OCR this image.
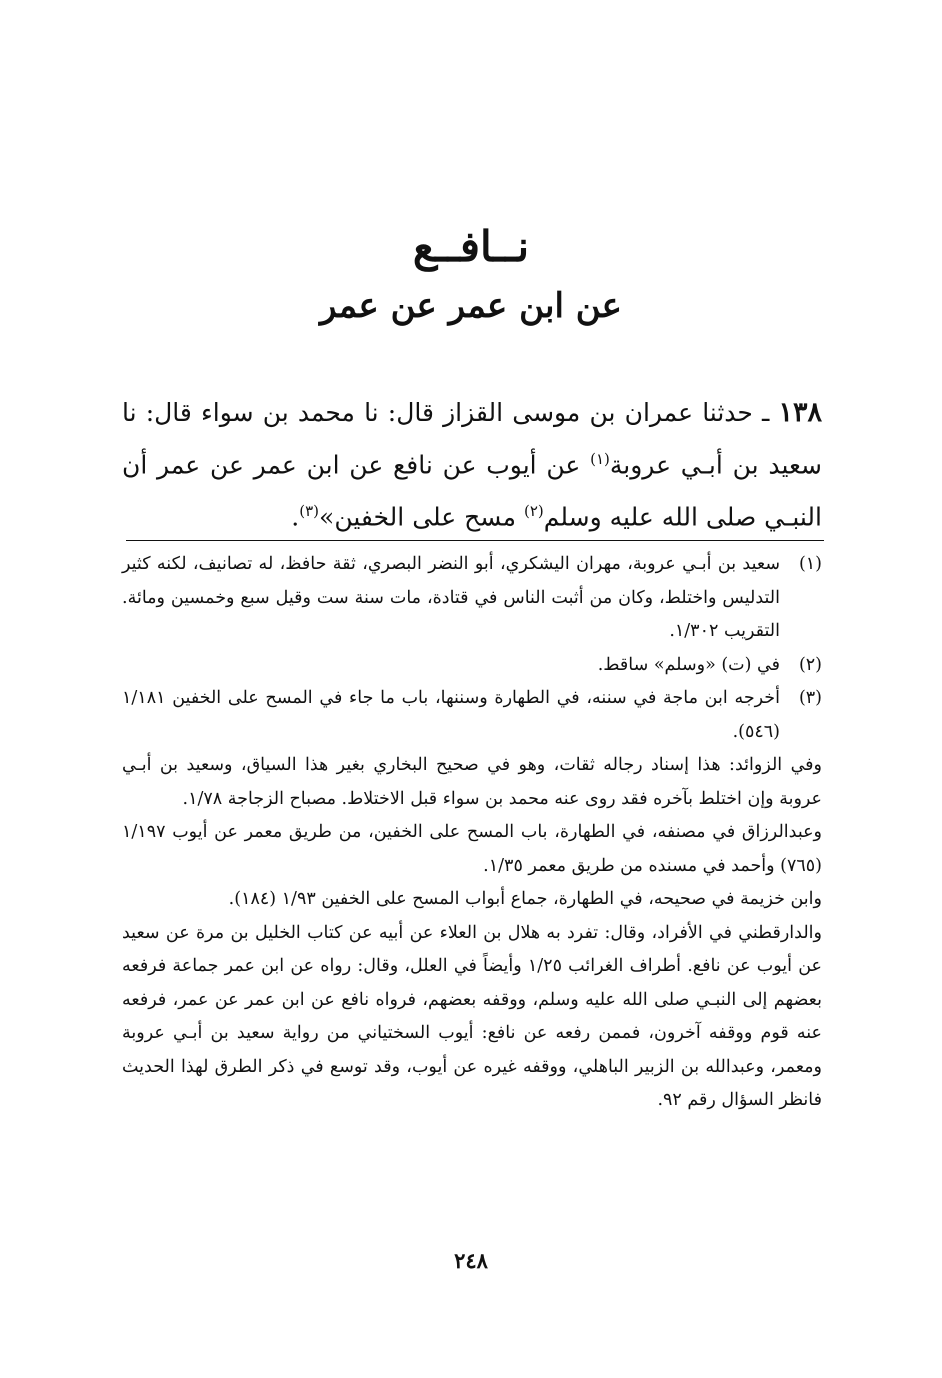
نــافــع
عن ابن عمر عن عمر
١٣٨ ـ حدثنا عمران بن موسى القزاز قال: نا محمد بن سواء قال: نا سعيد بن أبـي عروبة$^{(١)}$ عن أيوب عن نافع عن ابن عمر عن عمر أن النبـي صلى الله عليه وسلم$^{(٢)}$ مسح على الخفين»$^{(٣)}$.
(١)
سعيد بن أبـي عروبة، مهران اليشكري، أبو النضر البصري، ثقة حافظ، له تصانيف، لكنه كثير التدليس واختلط، وكان من أثبت الناس في قتادة، مات سنة ست وقيل سبع وخمسين ومائة. التقريب ١/٣٠٢.
(٢)
في (ت) «وسلم» ساقط.
(٣)
أخرجه ابن ماجة في سننه، في الطهارة وسننها، باب ما جاء في المسح على الخفين ١/١٨١ (٥٤٦).
وفي الزوائد: هذا إسناد رجاله ثقات، وهو في صحيح البخاري بغير هذا السياق، وسعيد بن أبـي عروبة وإن اختلط بآخره فقد روى عنه محمد بن سواء قبل الاختلاط. مصباح الزجاجة ١/٧٨.
وعبدالرزاق في مصنفه، في الطهارة، باب المسح على الخفين، من طريق معمر عن أيوب ١/١٩٧ (٧٦٥) وأحمد في مسنده من طريق معمر ١/٣٥.
وابن خزيمة في صحيحه، في الطهارة، جماع أبواب المسح على الخفين ١/٩٣ (١٨٤).
والدارقطني في الأفراد، وقال: تفرد به هلال بن العلاء عن أبيه عن كتاب الخليل بن مرة عن سعيد عن أيوب عن نافع. أطراف الغرائب ١/٢٥ وأيضاً في العلل، وقال: رواه عن ابن عمر جماعة فرفعه بعضهم إلى النبـي صلى الله عليه وسلم، ووقفه بعضهم، فرواه نافع عن ابن عمر عن عمر، فرفعه عنه قوم ووقفه آخرون، فممن رفعه عن نافع: أيوب السختياني من رواية سعيد بن أبـي عروبة ومعمر، وعبدالله بن الزبير الباهلي، ووقفه غيره عن أيوب، وقد توسع في ذكر الطرق لهذا الحديث فانظر السؤال رقم ٩٢.
٢٤٨
